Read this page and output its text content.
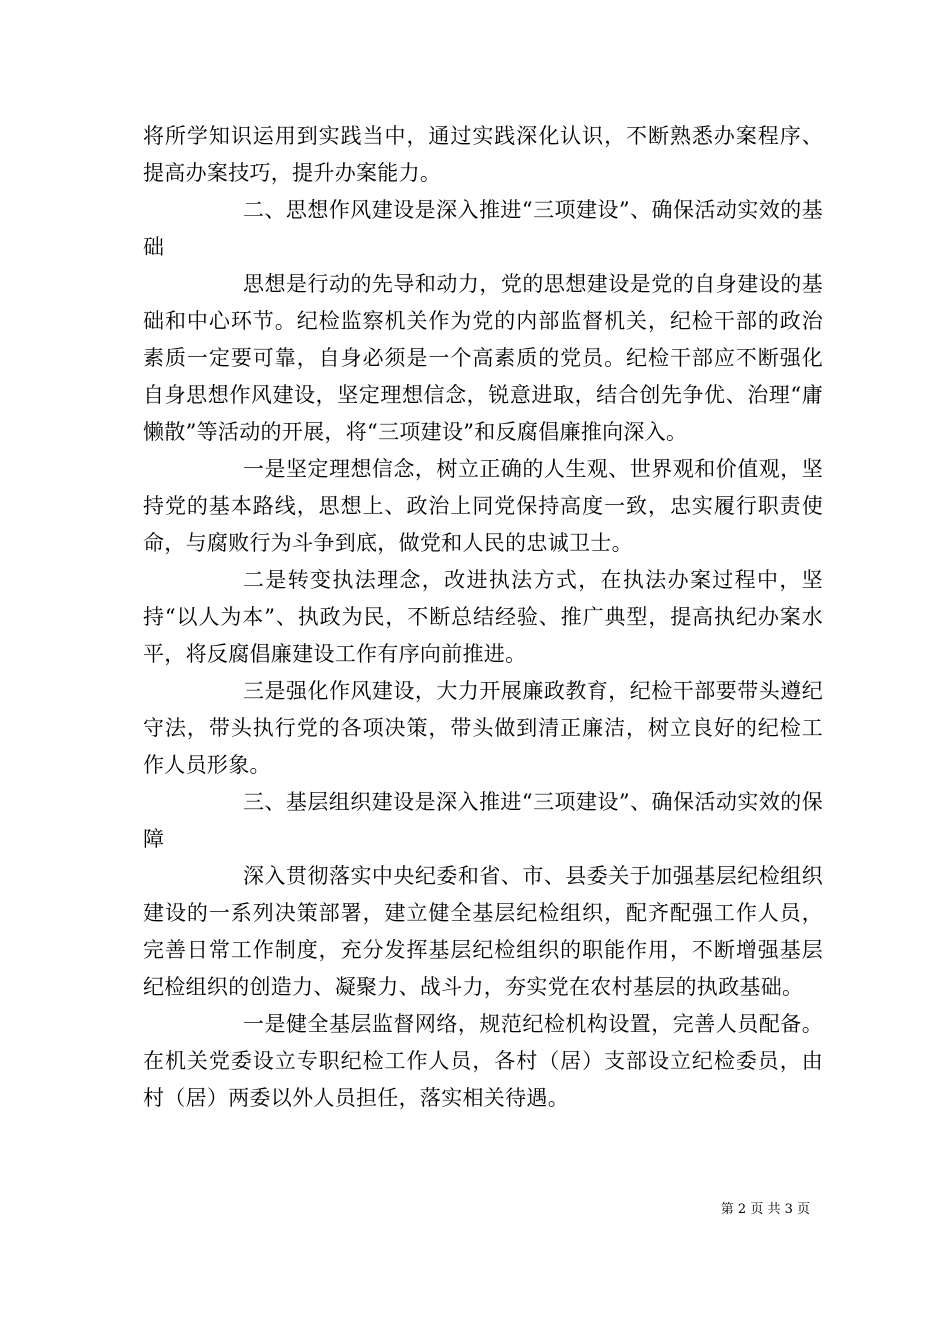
将所学知识运用到实践当中，通过实践深化认识，不断熟悉办案程序、提高办案技巧，提升办案能力。

二、思想作风建设是深入推进“三项建设”、确保活动实效的基础

思想是行动的先导和动力，党的思想建设是党的自身建设的基础和中心环节。纪检监察机关作为党的内部监督机关，纪检干部的政治素质一定要可靠，自身必须是一个高素质的党员。纪检干部应不断强化自身思想作风建设，坚定理想信念，锐意进取，结合创先争优、治理“庸懒散”等活动的开展，将“三项建设”和反腐倡廉推向深入。

一是坚定理想信念，树立正确的人生观、世界观和价值观，坚持党的基本路线，思想上、政治上同党保持高度一致，忠实履行职责使命，与腐败行为斗争到底，做党和人民的忠诚卫士。

二是转变执法理念，改进执法方式，在执法办案过程中，坚持“以人为本”、执政为民，不断总结经验、推广典型，提高执纪办案水平，将反腐倡廉建设工作有序向前推进。

三是强化作风建设，大力开展廉政教育，纪检干部要带头遵纪守法，带头执行党的各项决策，带头做到清正廉洁，树立良好的纪检工作人员形象。

三、基层组织建设是深入推进“三项建设”、确保活动实效的保障

深入贯彻落实中央纪委和省、市、县委关于加强基层纪检组织建设的一系列决策部署，建立健全基层纪检组织，配齐配强工作人员，完善日常工作制度，充分发挥基层纪检组织的职能作用，不断增强基层纪检组织的创造力、凝聚力、战斗力，夯实党在农村基层的执政基础。

一是健全基层监督网络，规范纪检机构设置，完善人员配备。在机关党委设立专职纪检工作人员，各村（居）支部设立纪检委员，由村（居）两委以外人员担任，落实相关待遇。

第 2 页 共 3 页
